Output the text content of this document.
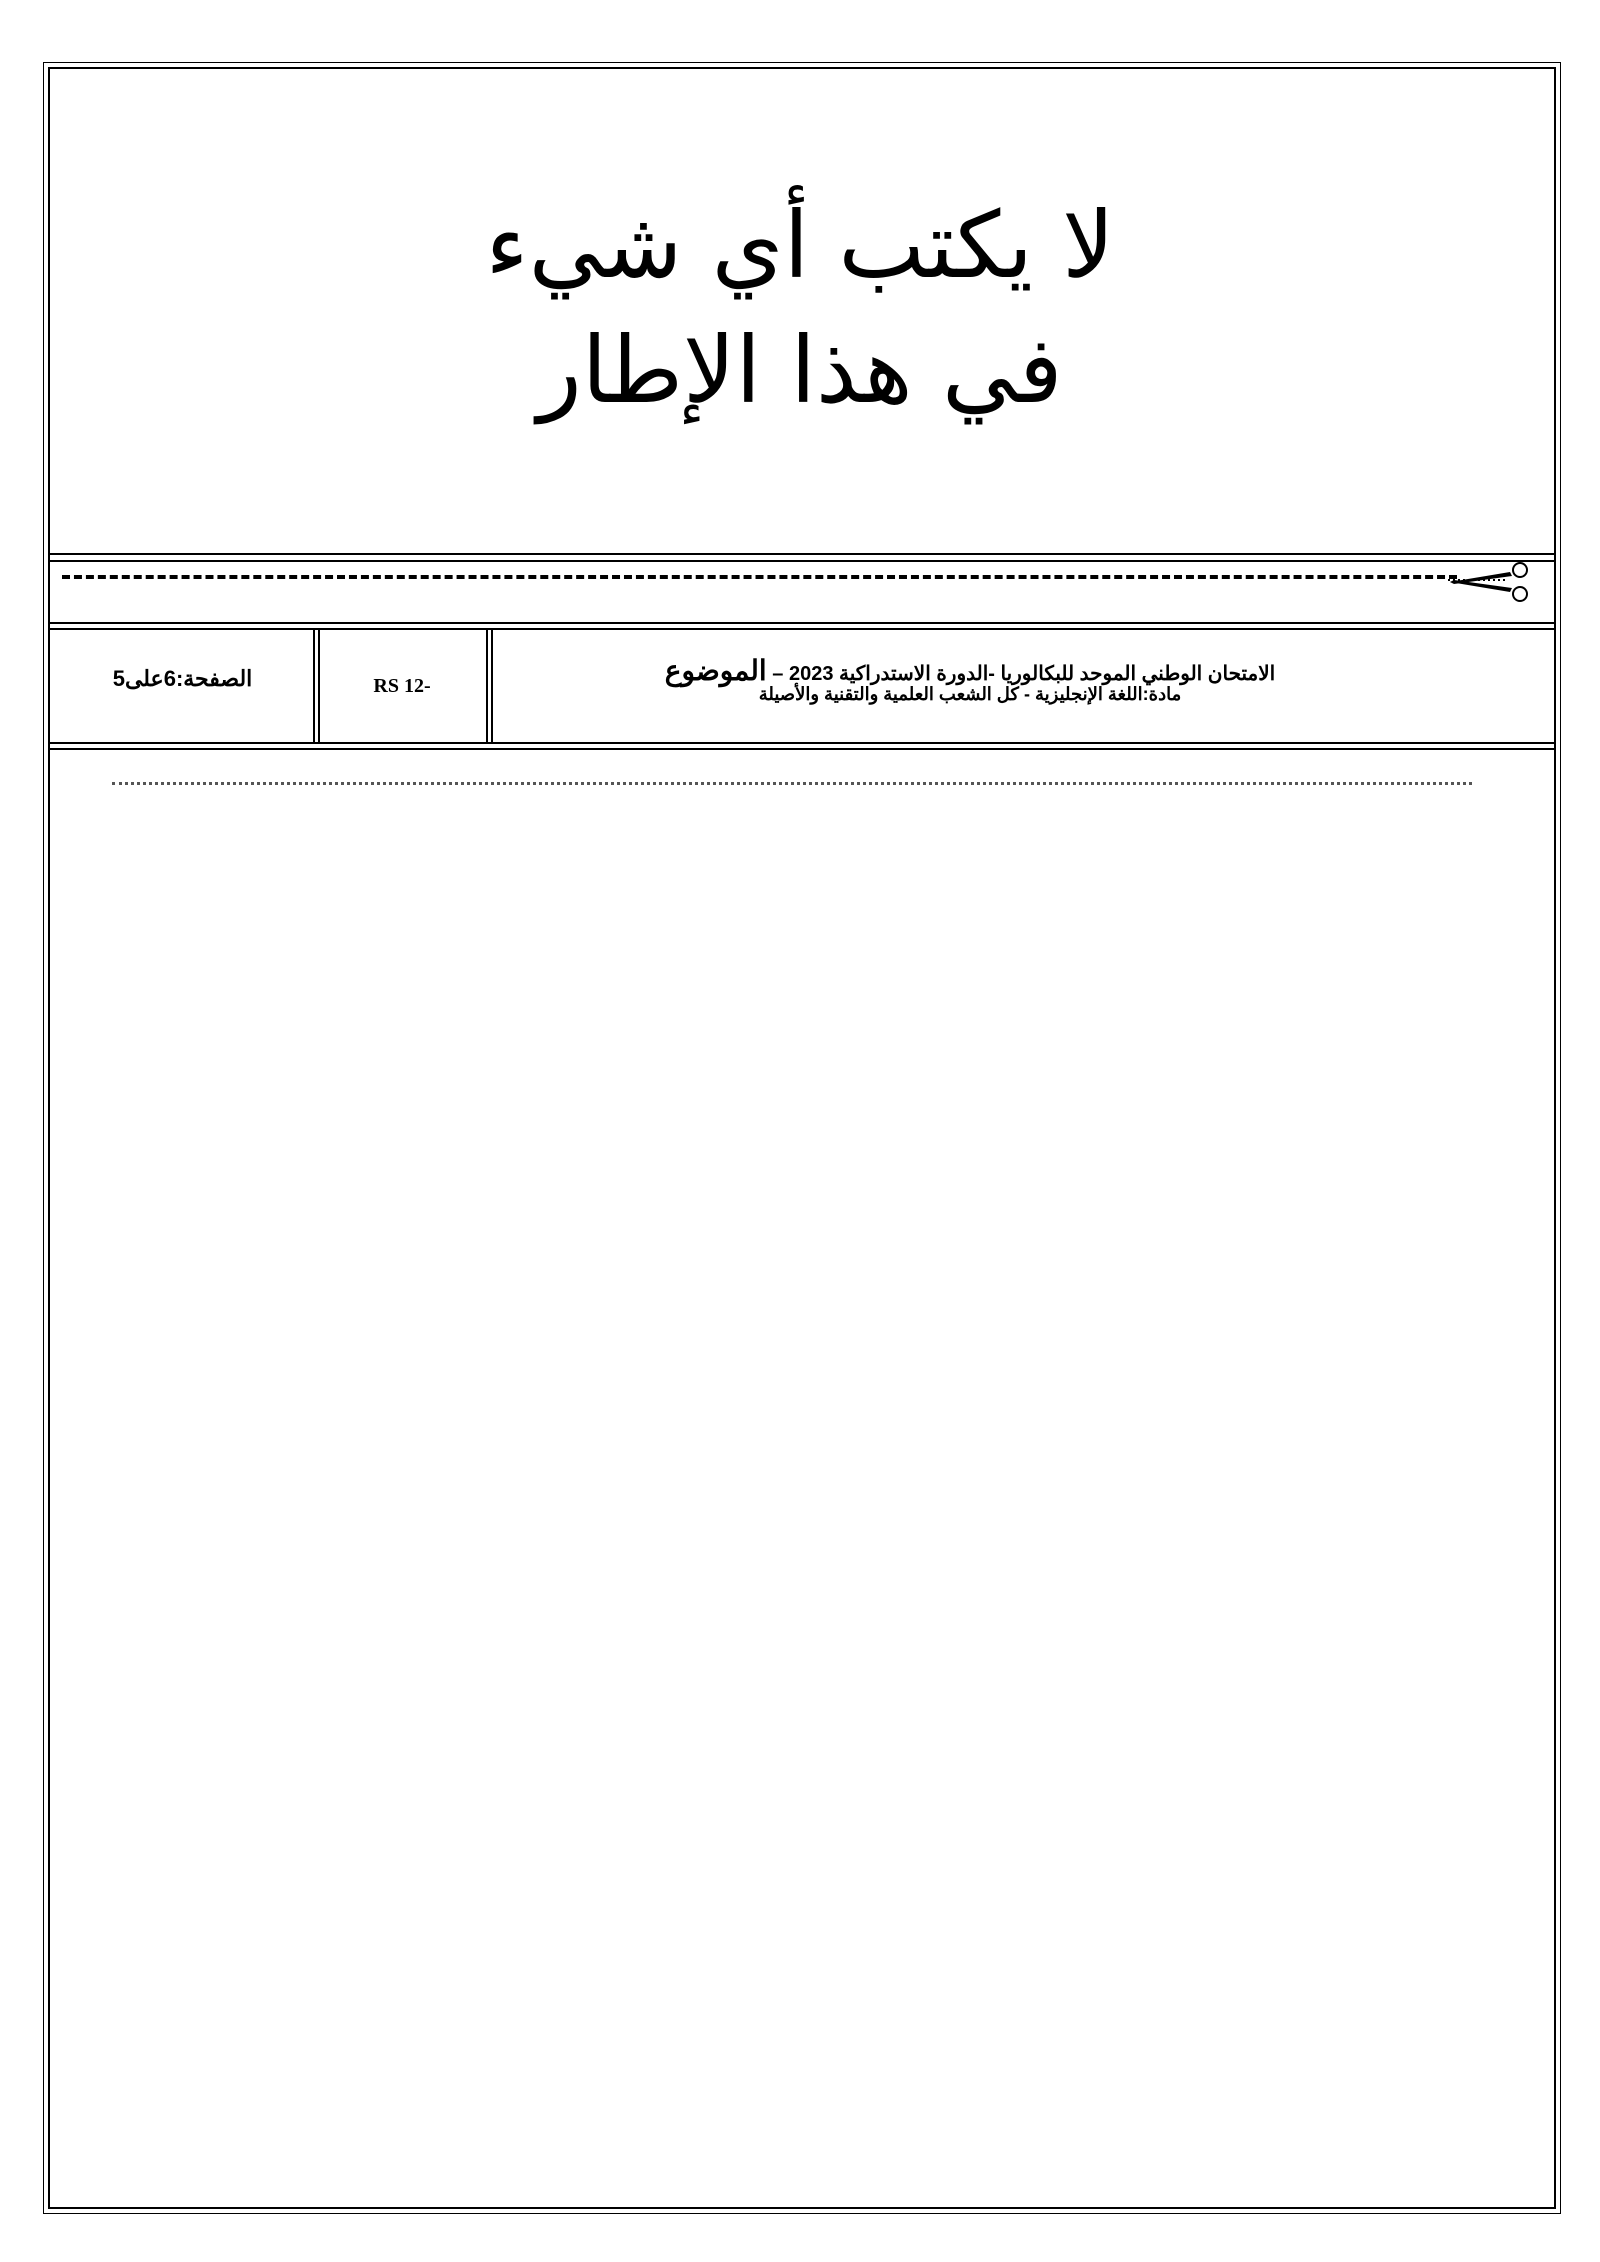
لا يكتب أي شيء
في هذا الإطار
الصفحة:6على5	RS 12-
الامتحان الوطني الموحد للبكالوريا -الدورة الاستدراكية 2023 – الموضوع
مادة:اللغة الإنجليزية - كل الشعب العلمية والتقنية والأصيلة
